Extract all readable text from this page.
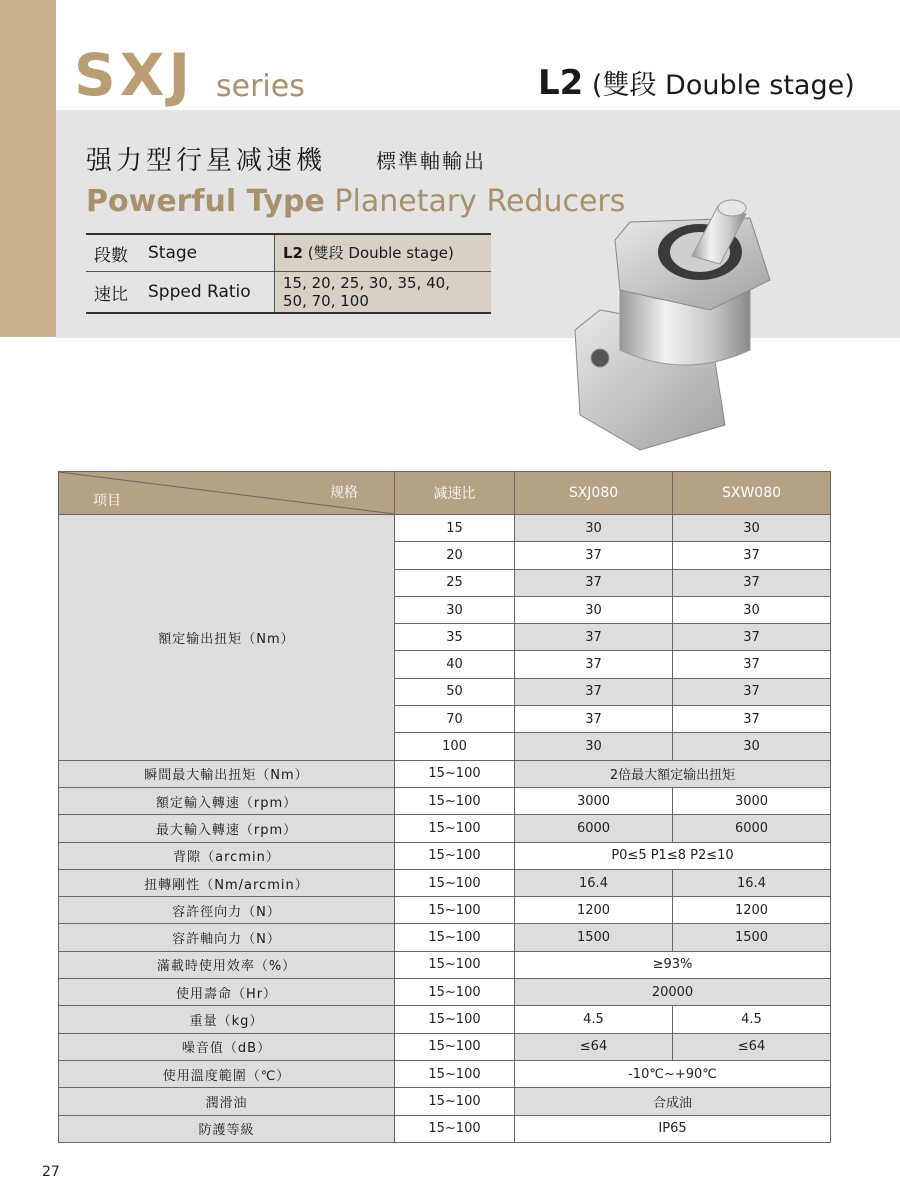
SXJ series	L2 (雙段 Double stage)
强力型行星减速機 標準軸輸出
Powerful Type Planetary Reducers
段數	Stage	L2 (雙段 Double stage)
速比	Spped Ratio	15, 20, 25, 30, 35, 40,
50, 70, 100
规格
项目	减速比	SXJ080	SXW080
額定输出扭矩（Nm）	15	30	30
	20	37	37
	25	37	37
	30	30	30
	35	37	37
	40	37	37
	50	37	37
	70	37	37
	100	30	30
瞬間最大輸出扭矩（Nm）	15~100	2倍最大額定输出扭矩	
額定輸入轉速（rpm）	15~100	3000	3000
最大輸入轉速（rpm）	15~100	6000	6000
背隙（arcmin）	15~100	P0≤5 P1≤8 P2≤10	
扭轉剛性（Nm/arcmin）	15~100	16.4	16.4
容許徑向力（N）	15~100	1200	1200
容許軸向力（N）	15~100	1500	1500
滿載時使用效率（%）	15~100	≥93%	
使用壽命（Hr）	15~100	20000	
重量（kg）	15~100	4.5	4.5
噪音值（dB）	15~100	≤64	≤64
使用溫度範圍（℃）	15~100	-10℃~+90℃	
潤滑油	15~100	合成油	
防護等級	15~100	IP65	
27
